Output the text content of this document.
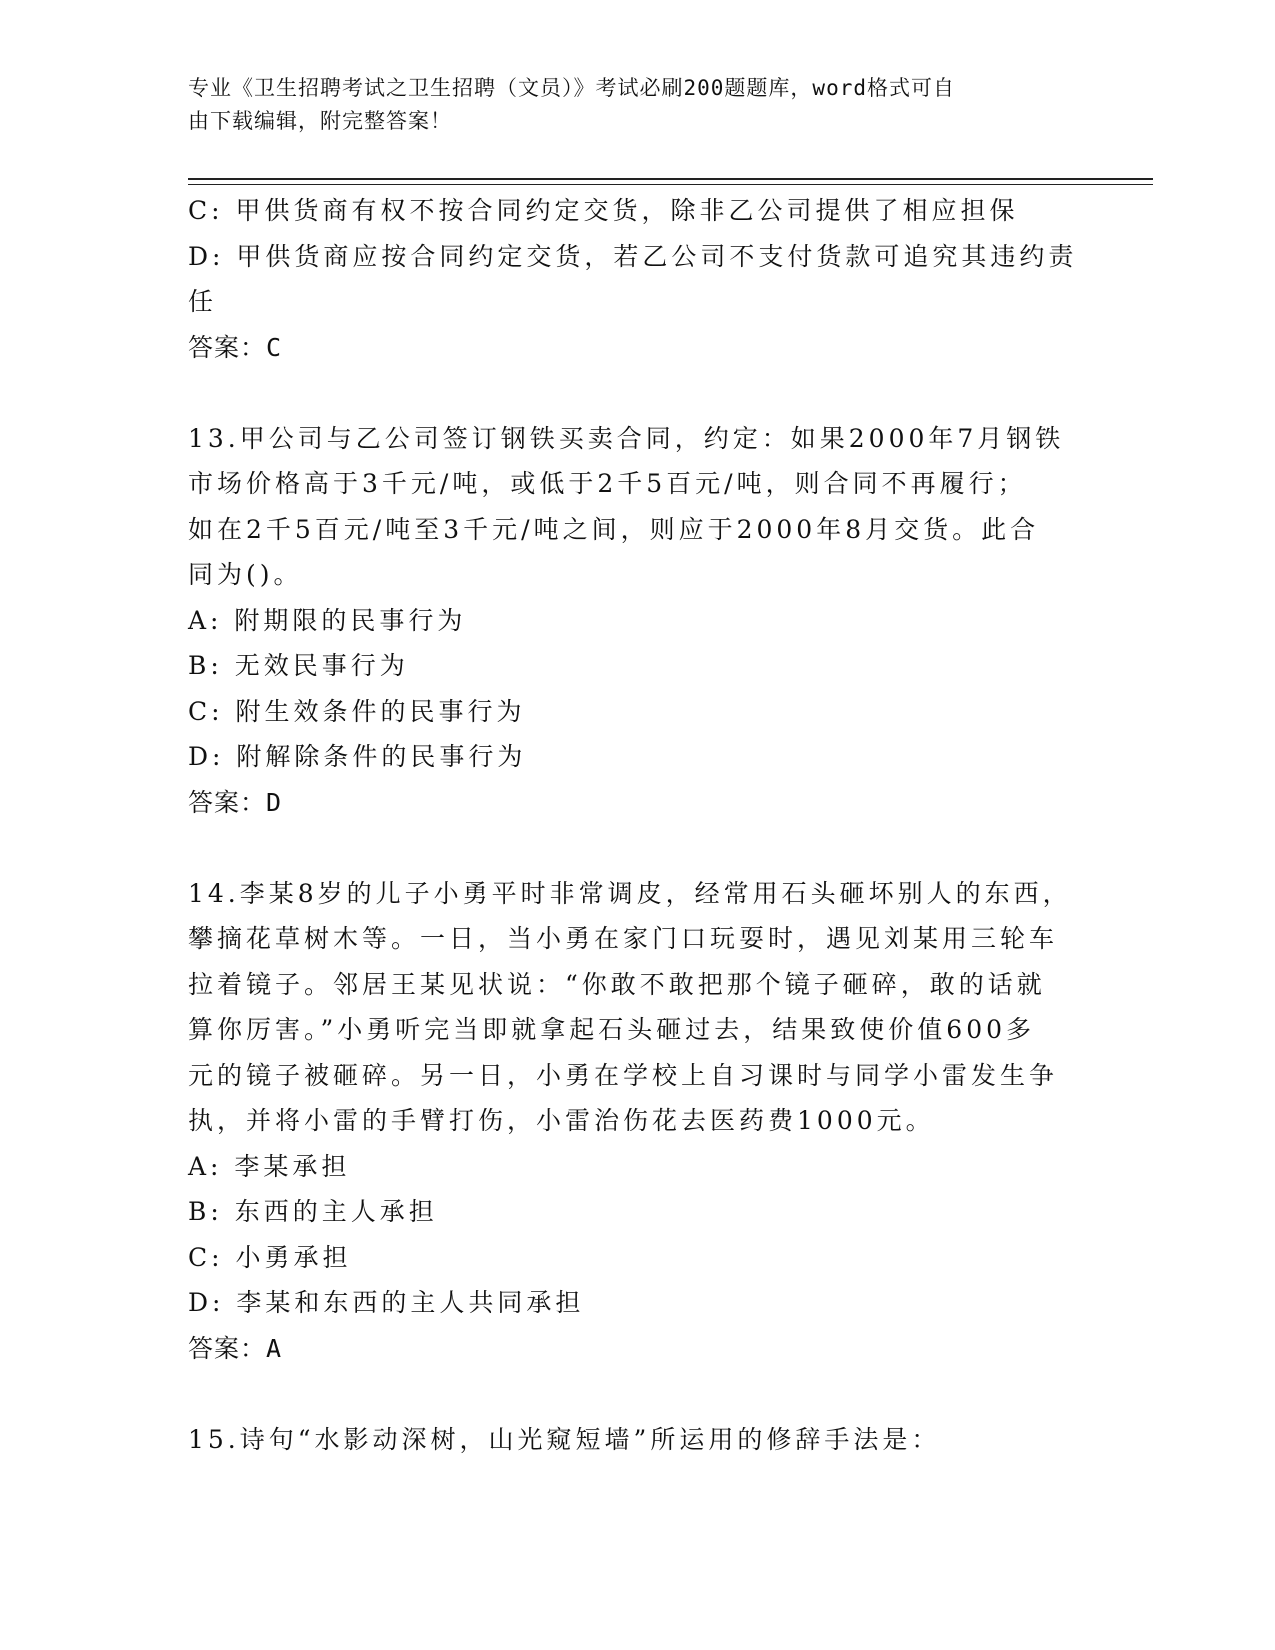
专业《卫生招聘考试之卫生招聘（文员）》考试必刷200题题库，word格式可自
由下载编辑，附完整答案！
C: 甲供货商有权不按合同约定交货，除非乙公司提供了相应担保
D: 甲供货商应按合同约定交货，若乙公司不支付货款可追究其违约责
任
答案：C
13.甲公司与乙公司签订钢铁买卖合同，约定：如果2000年7月钢铁
市场价格高于3千元/吨，或低于2千5百元/吨，则合同不再履行；
如在2千5百元/吨至3千元/吨之间，则应于2000年8月交货。此合
同为()。
A: 附期限的民事行为
B: 无效民事行为
C: 附生效条件的民事行为
D: 附解除条件的民事行为
答案：D
14.李某8岁的儿子小勇平时非常调皮，经常用石头砸坏别人的东西，
攀摘花草树木等。一日，当小勇在家门口玩耍时，遇见刘某用三轮车
拉着镜子。邻居王某见状说：“你敢不敢把那个镜子砸碎，敢的话就
算你厉害。”小勇听完当即就拿起石头砸过去，结果致使价值600多
元的镜子被砸碎。另一日，小勇在学校上自习课时与同学小雷发生争
执，并将小雷的手臂打伤，小雷治伤花去医药费1000元。
A: 李某承担
B: 东西的主人承担
C: 小勇承担
D: 李某和东西的主人共同承担
答案：A
15.诗句“水影动深树，山光窥短墙”所运用的修辞手法是：
